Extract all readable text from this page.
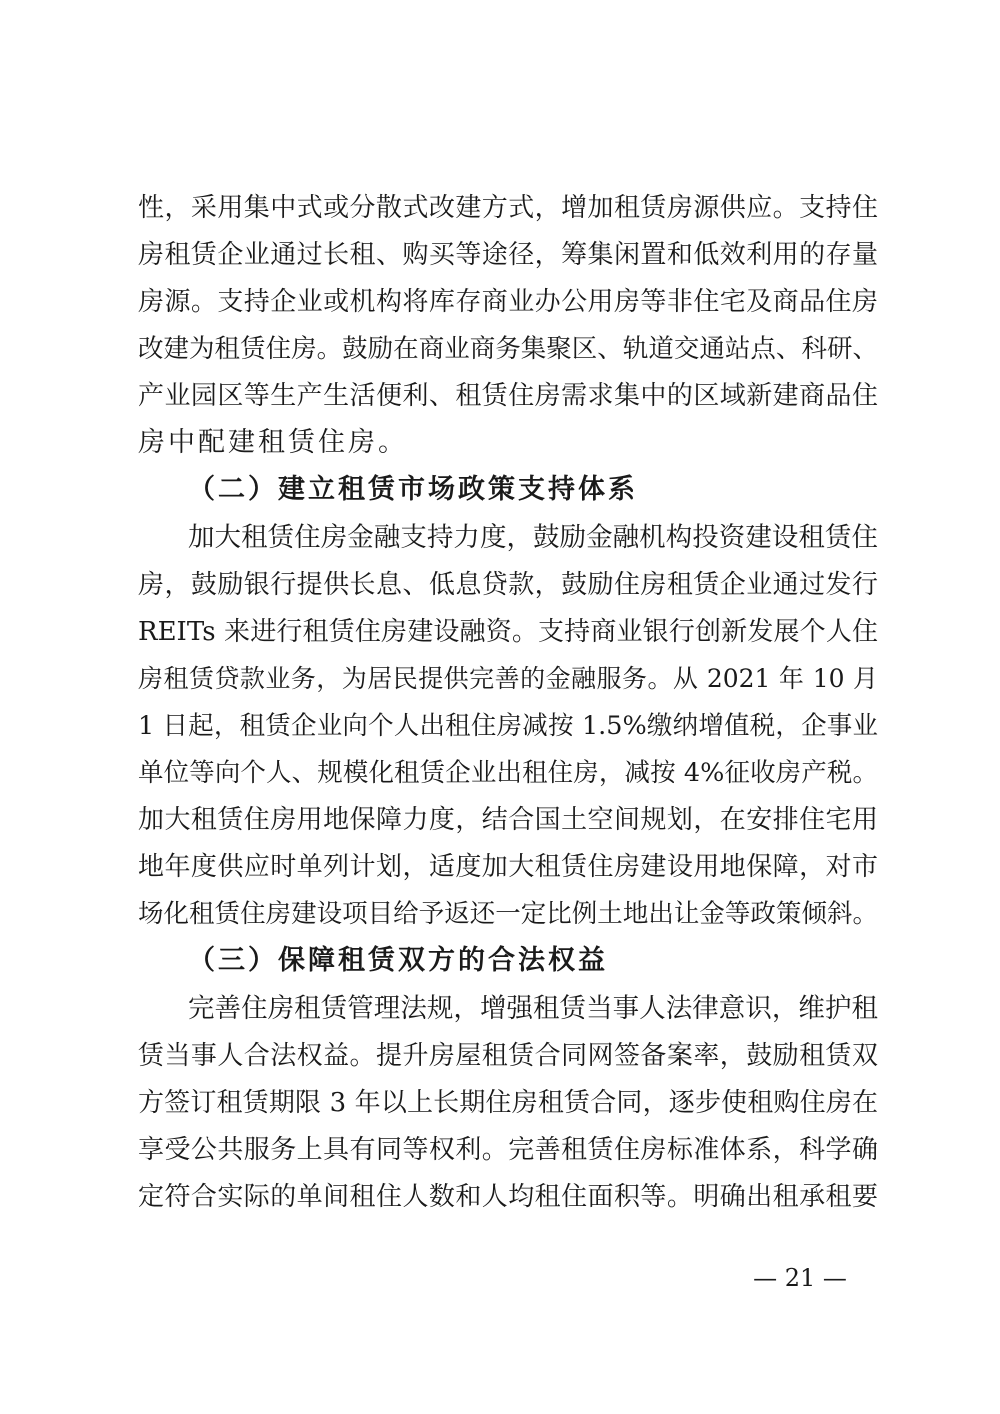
性，采用集中式或分散式改建方式，增加租赁房源供应。支持住
房租赁企业通过长租、购买等途径，筹集闲置和低效利用的存量
房源。支持企业或机构将库存商业办公用房等非住宅及商品住房
改建为租赁住房。鼓励在商业商务集聚区、轨道交通站点、科研、
产业园区等生产生活便利、租赁住房需求集中的区域新建商品住
房中配建租赁住房。
（二）建立租赁市场政策支持体系
加大租赁住房金融支持力度，鼓励金融机构投资建设租赁住
房，鼓励银行提供长息、低息贷款，鼓励住房租赁企业通过发行
REITs 来进行租赁住房建设融资。支持商业银行创新发展个人住
房租赁贷款业务，为居民提供完善的金融服务。从 2021 年 10 月
1 日起，租赁企业向个人出租住房减按 1.5%缴纳增值税，企事业
单位等向个人、规模化租赁企业出租住房，减按 4%征收房产税。
加大租赁住房用地保障力度，结合国土空间规划，在安排住宅用
地年度供应时单列计划，适度加大租赁住房建设用地保障，对市
场化租赁住房建设项目给予返还一定比例土地出让金等政策倾斜。
（三）保障租赁双方的合法权益
完善住房租赁管理法规，增强租赁当事人法律意识，维护租
赁当事人合法权益。提升房屋租赁合同网签备案率，鼓励租赁双
方签订租赁期限 3 年以上长期住房租赁合同，逐步使租购住房在
享受公共服务上具有同等权利。完善租赁住房标准体系，科学确
定符合实际的单间租住人数和人均租住面积等。明确出租承租要
— 21 —
